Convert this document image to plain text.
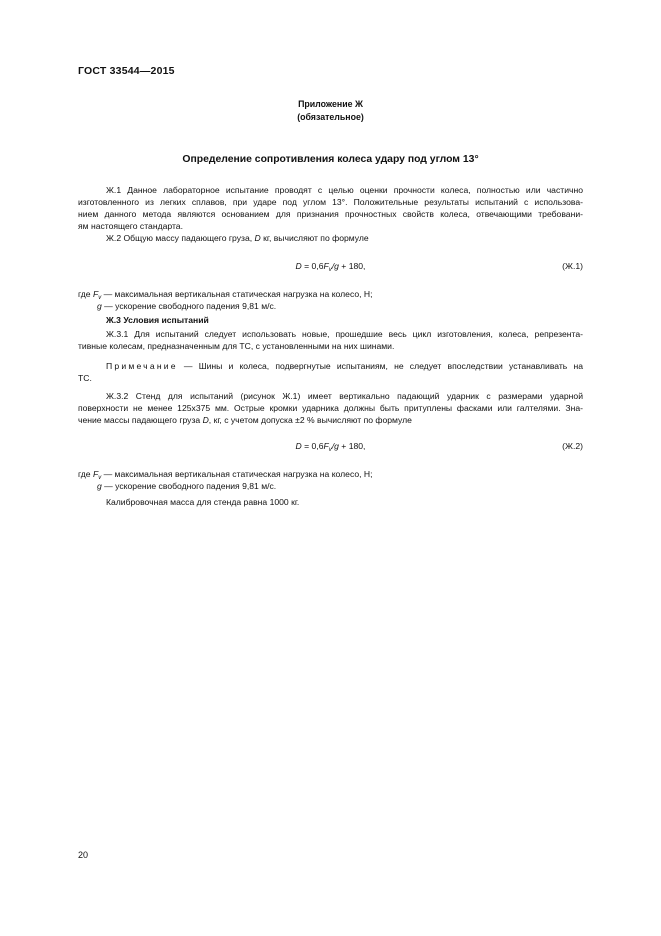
ГОСТ 33544—2015
Приложение Ж
(обязательное)
Определение сопротивления колеса удару под углом 13°
Ж.1 Данное лабораторное испытание проводят с целью оценки прочности колеса, полностью или частично
изготовленного из легких сплавов, при ударе под углом 13°. Положительные результаты испытаний с использова-
нием данного метода являются основанием для признания прочностных свойств колеса, отвечающими требовани-
ям настоящего стандарта.
Ж.2 Общую массу падающего груза, D кг, вычисляют по формуле
$D = 0,6F_v/g + 180$,	(Ж.1)
где $F_v$ — максимальная вертикальная статическая нагрузка на колесо, Н;
g — ускорение свободного падения 9,81 м/с.
Ж.3 Условия испытаний
Ж.3.1 Для испытаний следует использовать новые, прошедшие весь цикл изготовления, колеса, репрезента-
тивные колесам, предназначенным для ТС, с установленными на них шинами.
Примечание — Шины и колеса, подвергнутые испытаниям, не следует впоследствии устанавливать на
ТС.
Ж.3.2 Стенд для испытаний (рисунок Ж.1) имеет вертикально падающий ударник с размерами ударной
поверхности не менее 125x375 мм. Острые кромки ударника должны быть притуплены фасками или галтелями. Зна-
чение массы падающего груза D, кг, с учетом допуска ±2 % вычисляют по формуле
$D = 0,6F_v/g + 180$,	(Ж.2)
где $F_v$ — максимальная вертикальная статическая нагрузка на колесо, Н;
g — ускорение свободного падения 9,81 м/с.
Калибровочная масса для стенда равна 1000 кг.
20
